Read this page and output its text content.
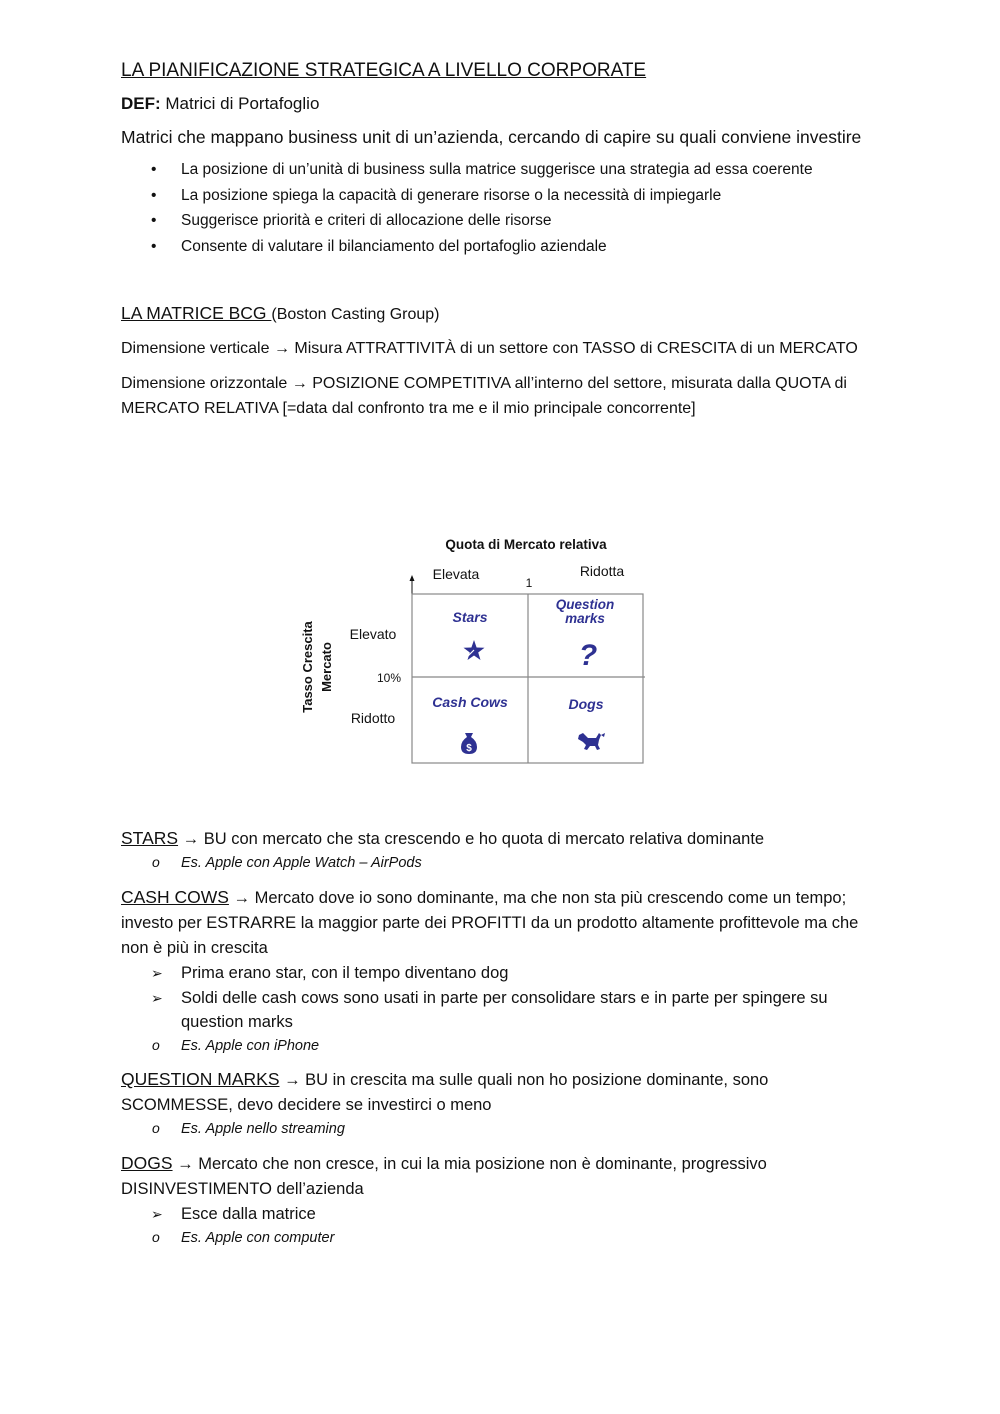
LA PIANIFICAZIONE STRATEGICA A LIVELLO CORPORATE
DEF: Matrici di Portafoglio
Matrici che mappano business unit di un’azienda, cercando di capire su quali conviene investire
• La posizione di un’unità di business sulla matrice suggerisce una strategia ad essa coerente
• La posizione spiega la capacità di generare risorse o la necessità di impiegarle
• Suggerisce priorità e criteri di allocazione delle risorse
• Consente di valutare il bilanciamento del portafoglio aziendale
LA MATRICE BCG (Boston Casting Group)
Dimensione verticale → Misura ATTRATTIVITÀ di un settore con TASSO di CRESCITA di un MERCATO
Dimensione orizzontale → POSIZIONE COMPETITIVA all’interno del settore, misurata dalla QUOTA di MERCATO RELATIVA [=data dal confronto tra me e il mio principale concorrente]
Quota di Mercato relativa
Elevata
1
Ridotta
Tasso Crescita Mercato
Elevato
10%
Ridotto
Stars
Question
marks
Cash Cows	Dogs
?
$
STARS → BU con mercato che sta crescendo e ho quota di mercato relativa dominante
o Es. Apple con Apple Watch – AirPods
CASH COWS → Mercato dove io sono dominante, ma che non sta più crescendo come un tempo; investo per ESTRARRE la maggior parte dei PROFITTI da un prodotto altamente profittevole ma che non è più in crescita
➢ Prima erano star, con il tempo diventano dog
➢ Soldi delle cash cows sono usati in parte per consolidare stars e in parte per spingere su question marks
o Es. Apple con iPhone
QUESTION MARKS → BU in crescita ma sulle quali non ho posizione dominante, sono SCOMMESSE, devo decidere se investirci o meno
o Es. Apple nello streaming
DOGS → Mercato che non cresce, in cui la mia posizione non è dominante, progressivo DISINVESTIMENTO dell’azienda
➢ Esce dalla matrice
o Es. Apple con computer
